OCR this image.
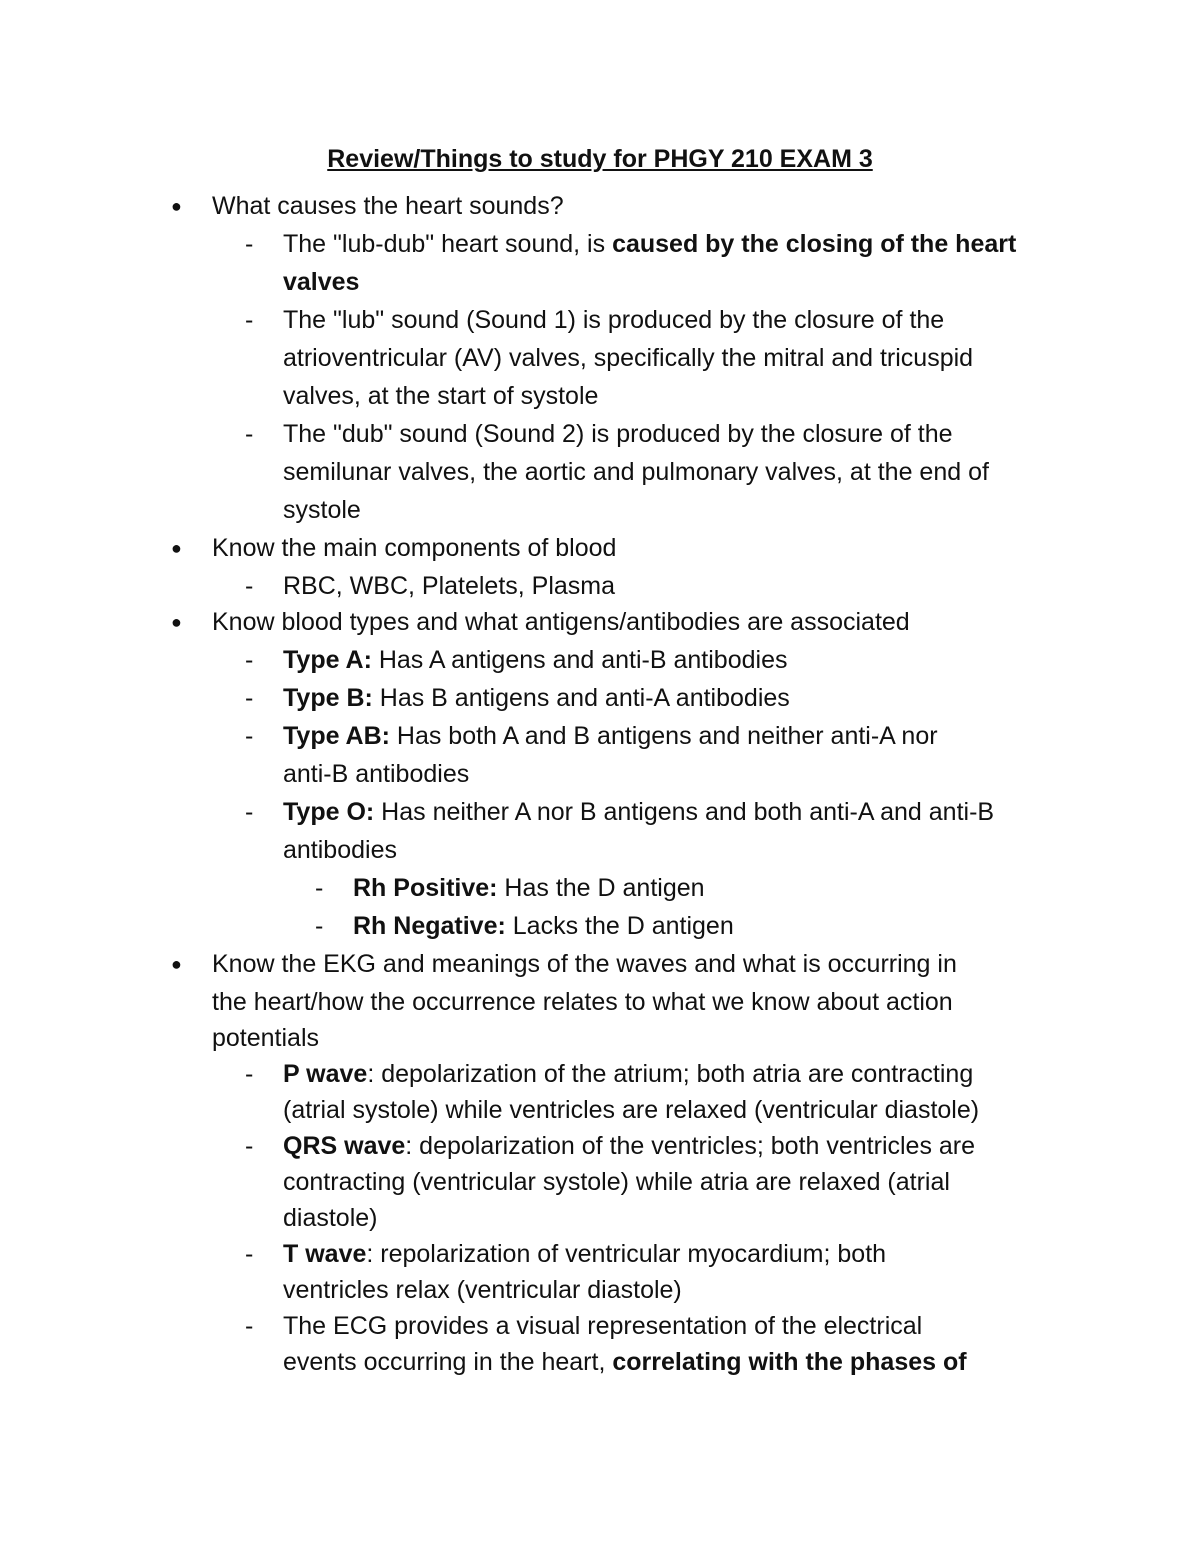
Review/Things to study for PHGY 210 EXAM 3
● What causes the heart sounds?
- The "lub-dub" heart sound, is caused by the closing of the heart
valves
- The "lub" sound (Sound 1) is produced by the closure of the
atrioventricular (AV) valves, specifically the mitral and tricuspid
valves, at the start of systole
- The "dub" sound (Sound 2) is produced by the closure of the
semilunar valves, the aortic and pulmonary valves, at the end of
systole
● Know the main components of blood
- RBC, WBC, Platelets, Plasma
● Know blood types and what antigens/antibodies are associated
- Type A: Has A antigens and anti-B antibodies
- Type B: Has B antigens and anti-A antibodies
- Type AB: Has both A and B antigens and neither anti-A nor
anti-B antibodies
- Type O: Has neither A nor B antigens and both anti-A and anti-B
antibodies
- Rh Positive: Has the D antigen
- Rh Negative: Lacks the D antigen
● Know the EKG and meanings of the waves and what is occurring in
the heart/how the occurrence relates to what we know about action
potentials
- P wave: depolarization of the atrium; both atria are contracting
(atrial systole) while ventricles are relaxed (ventricular diastole)
- QRS wave: depolarization of the ventricles; both ventricles are
contracting (ventricular systole) while atria are relaxed (atrial
diastole)
- T wave: repolarization of ventricular myocardium; both
ventricles relax (ventricular diastole)
- The ECG provides a visual representation of the electrical
events occurring in the heart, correlating with the phases of
